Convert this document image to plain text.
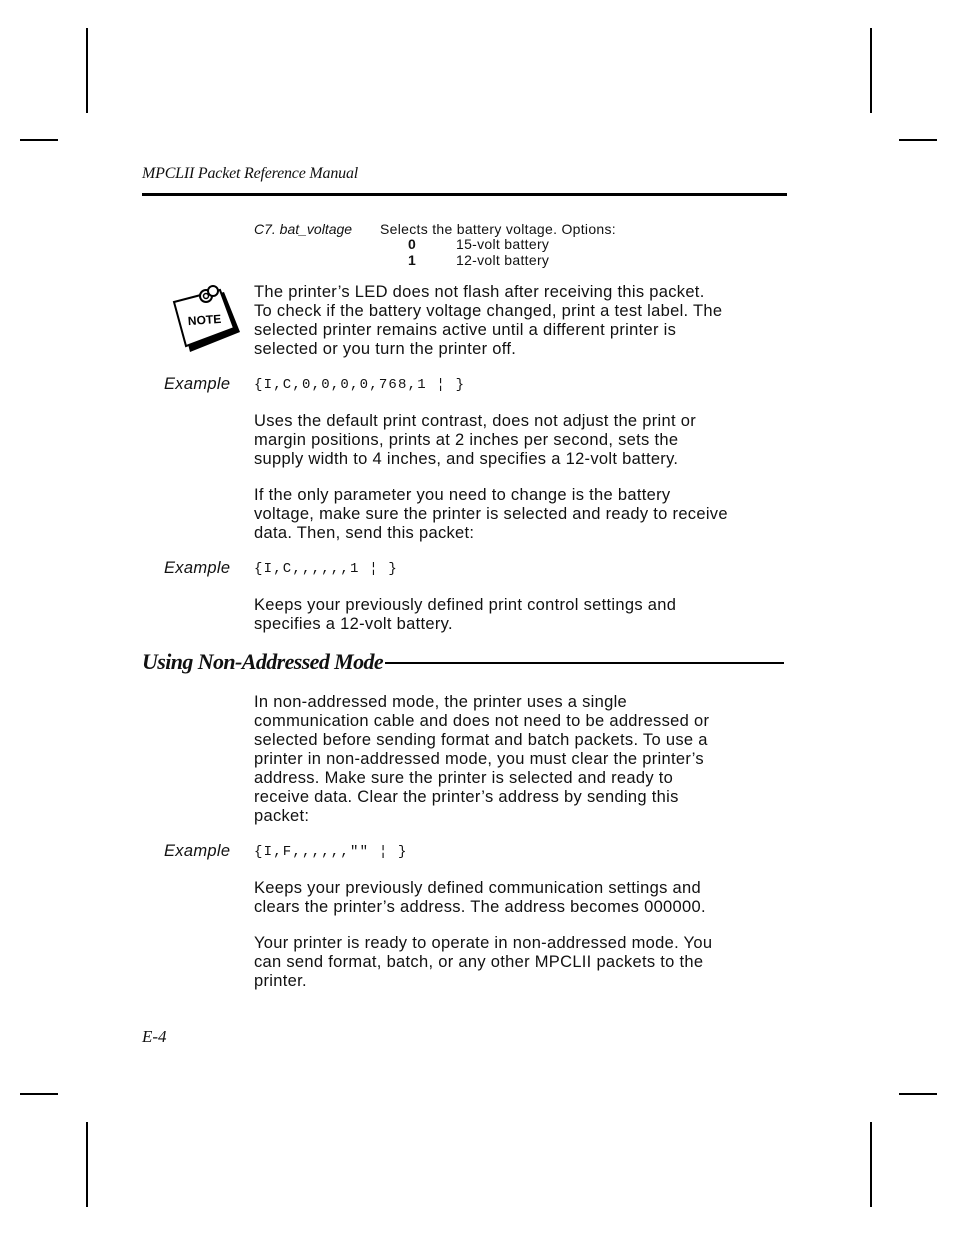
MPCLII Packet Reference Manual
C7. bat_voltage Selects the battery voltage. Options:
0	15-volt battery
1	12-volt battery
NOTE
The printer’s LED does not flash after receiving this packet.
To check if the battery voltage changed, print a test label. The
selected printer remains active until a different printer is
selected or you turn the printer off.
Example {I,C,0,0,0,0,768,1 ¦ }
Uses the default print contrast, does not adjust the print or
margin positions, prints at 2 inches per second, sets the
supply width to 4 inches, and specifies a 12-volt battery.
If the only parameter you need to change is the battery
voltage, make sure the printer is selected and ready to receive
data. Then, send this packet:
Example {I,C,,,,,,1 ¦ }
Keeps your previously defined print control settings and
specifies a 12-volt battery.
Using Non-Addressed Mode
In non-addressed mode, the printer uses a single
communication cable and does not need to be addressed or
selected before sending format and batch packets. To use a
printer in non-addressed mode, you must clear the printer’s
address. Make sure the printer is selected and ready to
receive data. Clear the printer’s address by sending this
packet:
Example {I,F,,,,,,"" ¦ }
Keeps your previously defined communication settings and
clears the printer’s address. The address becomes 000000.
Your printer is ready to operate in non-addressed mode. You
can send format, batch, or any other MPCLII packets to the
printer.
E-4
